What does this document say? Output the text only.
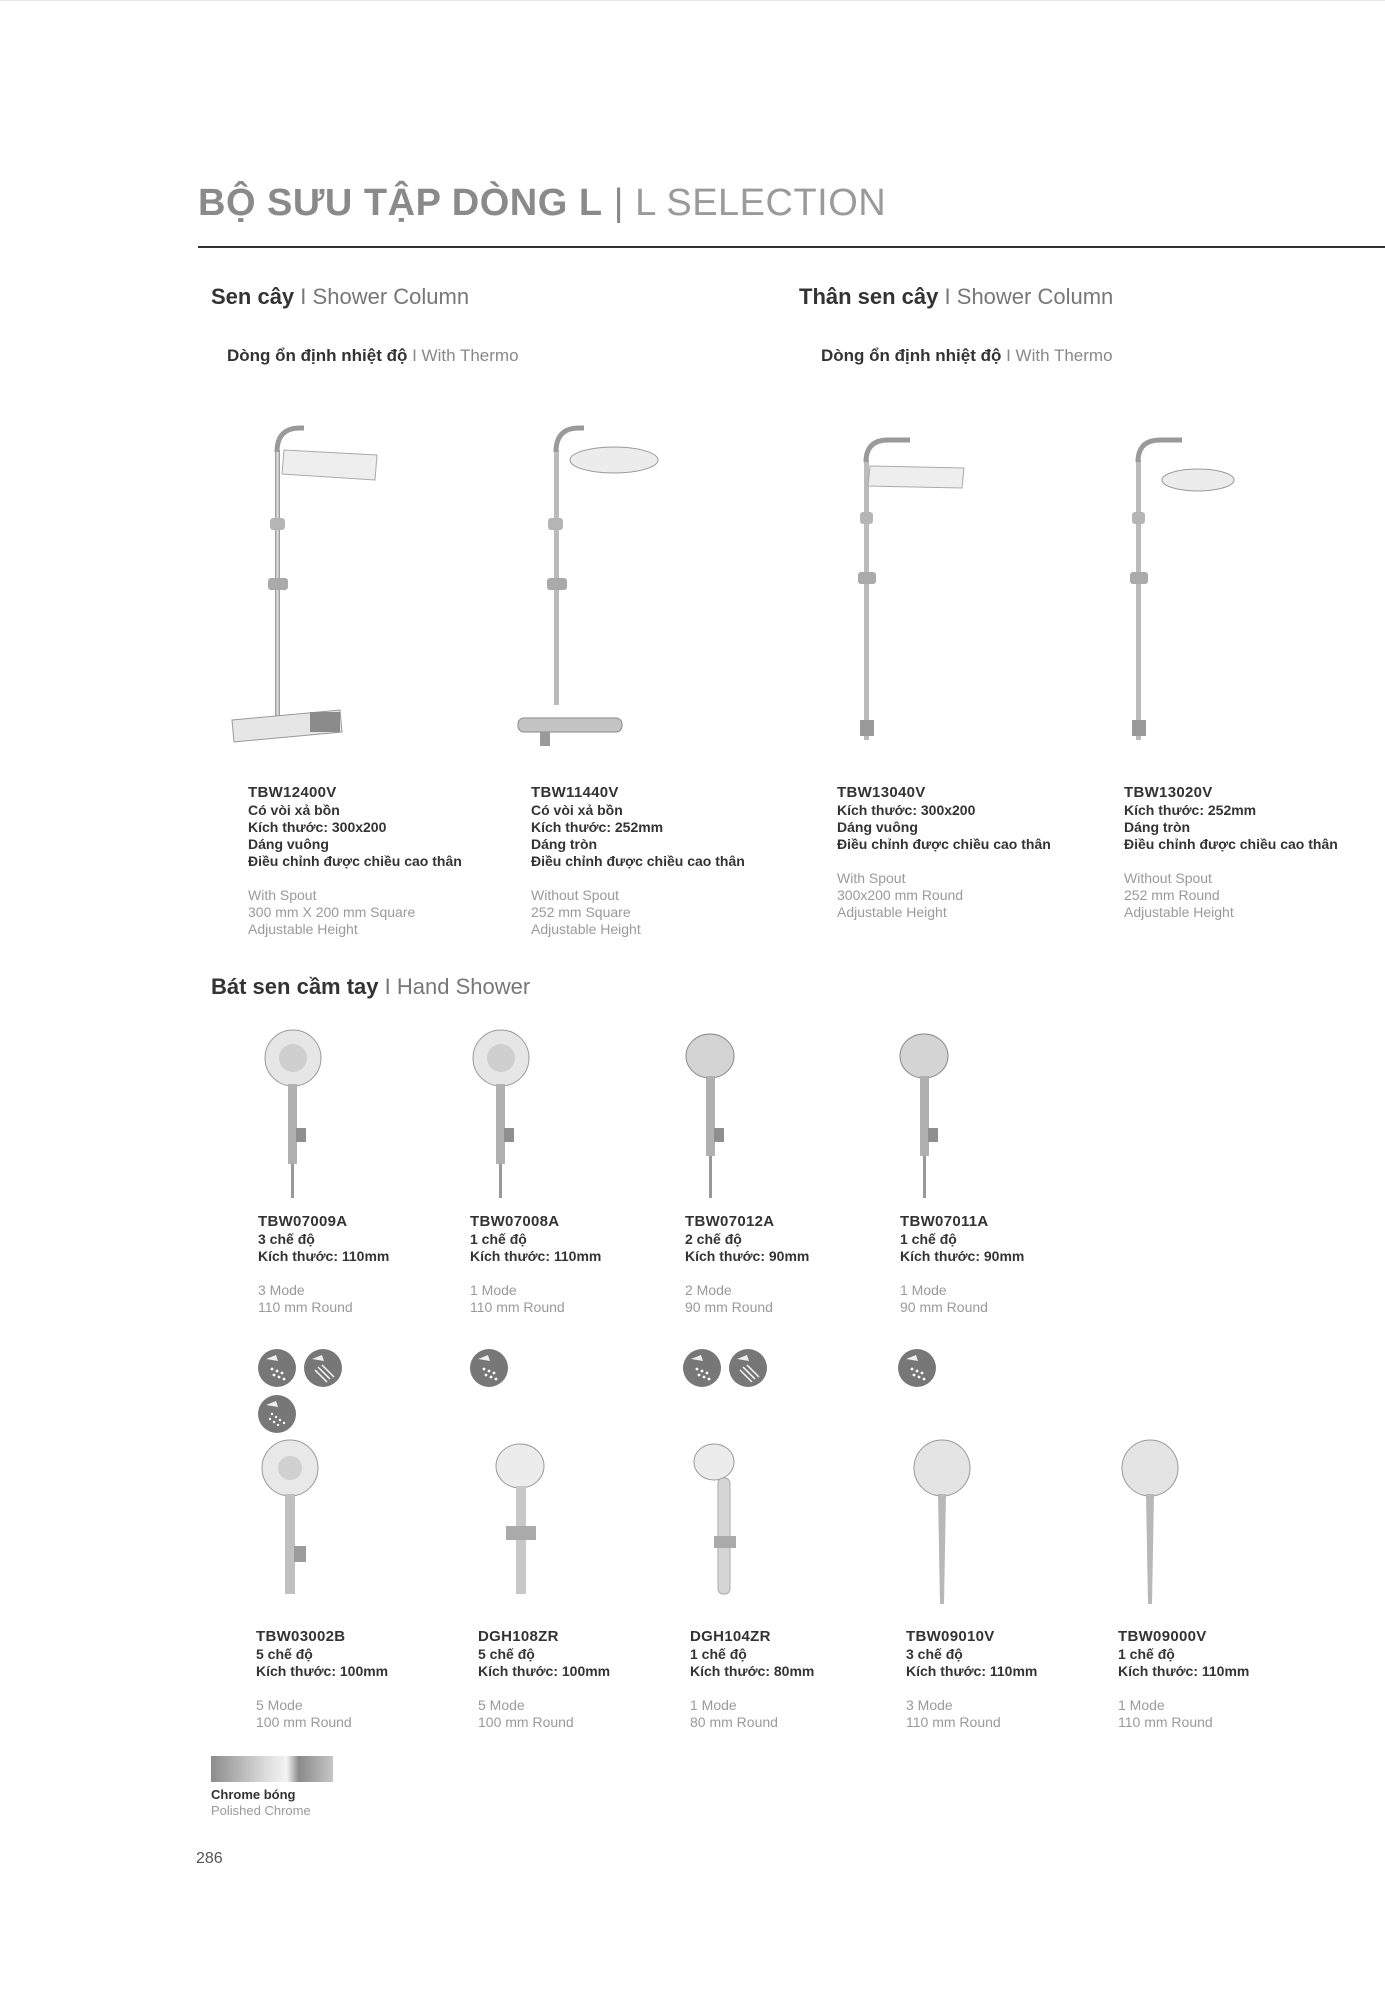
BỘ SƯU TẬP DÒNG L | L SELECTION
Sen cây I Shower Column
Dòng ổn định nhiệt độ I With Thermo
Thân sen cây I Shower Column
Dòng ổn định nhiệt độ I With Thermo
TBW12400V
Có vòi xả bồn
Kích thước: 300x200
Dáng vuông
Điều chỉnh được chiều cao thân
With Spout
300 mm X 200 mm Square
Adjustable Height
TBW11440V
Có vòi xả bồn
Kích thước: 252mm
Dáng tròn
Điều chỉnh được chiều cao thân
Without Spout
252 mm Square
Adjustable Height
TBW13040V
Kích thước: 300x200
Dáng vuông
Điều chỉnh được chiều cao thân
With Spout
300x200 mm Round
Adjustable Height
TBW13020V
Kích thước: 252mm
Dáng tròn
Điều chỉnh được chiều cao thân
Without Spout
252 mm Round
Adjustable Height
Bát sen cầm tay I Hand Shower
TBW07009A
3 chế độ
Kích thước: 110mm
3 Mode
110 mm Round
TBW07008A
1 chế độ
Kích thước: 110mm
1 Mode
110 mm Round
TBW07012A
2 chế độ
Kích thước: 90mm
2 Mode
90 mm Round
TBW07011A
1 chế độ
Kích thước: 90mm
1 Mode
90 mm Round
TBW03002B
5 chế độ
Kích thước: 100mm
5 Mode
100 mm Round
DGH108ZR
5 chế độ
Kích thước: 100mm
5 Mode
100 mm Round
DGH104ZR
1 chế độ
Kích thước: 80mm
1 Mode
80 mm Round
TBW09010V
3 chế độ
Kích thước: 110mm
3 Mode
110 mm Round
TBW09000V
1 chế độ
Kích thước: 110mm
1 Mode
110 mm Round
Chrome bóng
Polished Chrome
286
